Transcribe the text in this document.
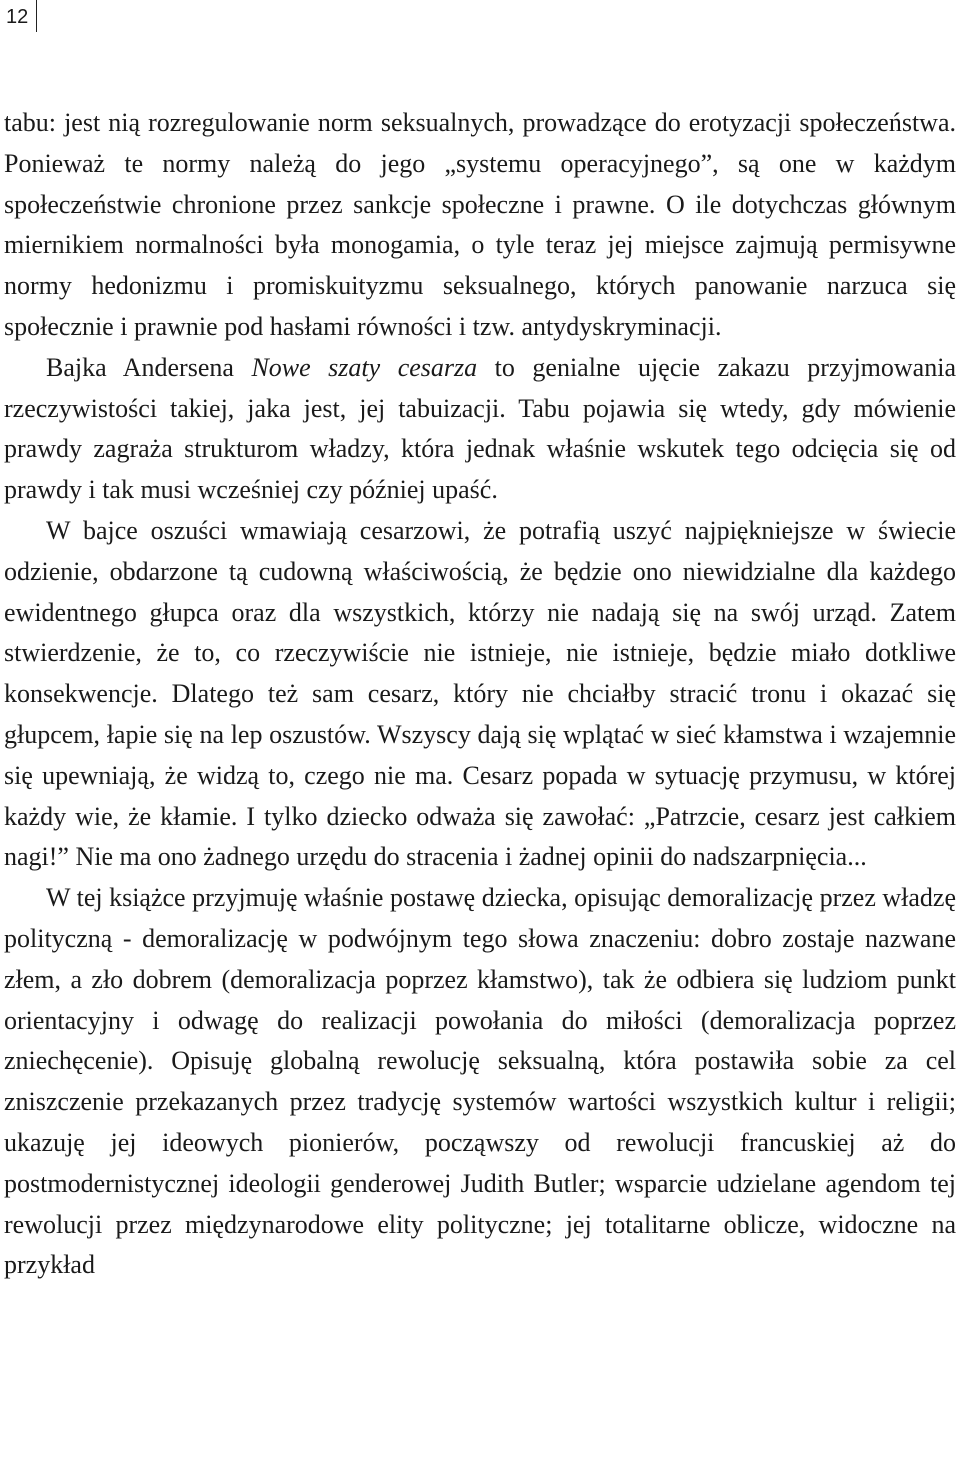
12

tabu: jest nią rozregulowanie norm seksualnych, prowadzące do erotyzacji społeczeństwa. Ponieważ te normy należą do jego „systemu operacyjnego”, są one w każdym społeczeństwie chronione przez sankcje społeczne i prawne. O ile dotychczas głównym miernikiem normalności była monogamia, o tyle teraz jej miejsce zajmują permisywne normy hedonizmu i promiskuityzmu seksualnego, których panowanie narzuca się społecznie i prawnie pod hasłami równości i tzw. antydyskryminacji.

Bajka Andersena Nowe szaty cesarza to genialne ujęcie zakazu przyjmowania rzeczywistości takiej, jaka jest, jej tabuizacji. Tabu pojawia się wtedy, gdy mówienie prawdy zagraża strukturom władzy, która jednak właśnie wskutek tego odcięcia się od prawdy i tak musi wcześniej czy później upaść.

W bajce oszuści wmawiają cesarzowi, że potrafią uszyć najpiękniejsze w świecie odzienie, obdarzone tą cudowną właściwością, że będzie ono niewidzialne dla każdego ewidentnego głupca oraz dla wszystkich, którzy nie nadają się na swój urząd. Zatem stwierdzenie, że to, co rzeczywiście nie istnieje, nie istnieje, będzie miało dotkliwe konsekwencje. Dlatego też sam cesarz, który nie chciałby stracić tronu i okazać się głupcem, łapie się na lep oszustów. Wszyscy dają się wplątać w sieć kłamstwa i wzajemnie się upewniają, że widzą to, czego nie ma. Cesarz popada w sytuację przymusu, w której każdy wie, że kłamie. I tylko dziecko odważa się zawołać: „Patrzcie, cesarz jest całkiem nagi!” Nie ma ono żadnego urzędu do stracenia i żadnej opinii do nadszarpnięcia...

W tej książce przyjmuję właśnie postawę dziecka, opisując demoralizację przez władzę polityczną - demoralizację w podwójnym tego słowa znaczeniu: dobro zostaje nazwane złem, a zło dobrem (demoralizacja poprzez kłamstwo), tak że odbiera się ludziom punkt orientacyjny i odwagę do realizacji powołania do miłości (demoralizacja poprzez zniechęcenie). Opisuję globalną rewolucję seksualną, która postawiła sobie za cel zniszczenie przekazanych przez tradycję systemów wartości wszystkich kultur i religii; ukazuję jej ideowych pionierów, począwszy od rewolucji francuskiej aż do postmodernistycznej ideologii genderowej Judith Butler; wsparcie udzielane agendom tej rewolucji przez międzynarodowe elity polityczne; jej totalitarne oblicze, widoczne na przykład
